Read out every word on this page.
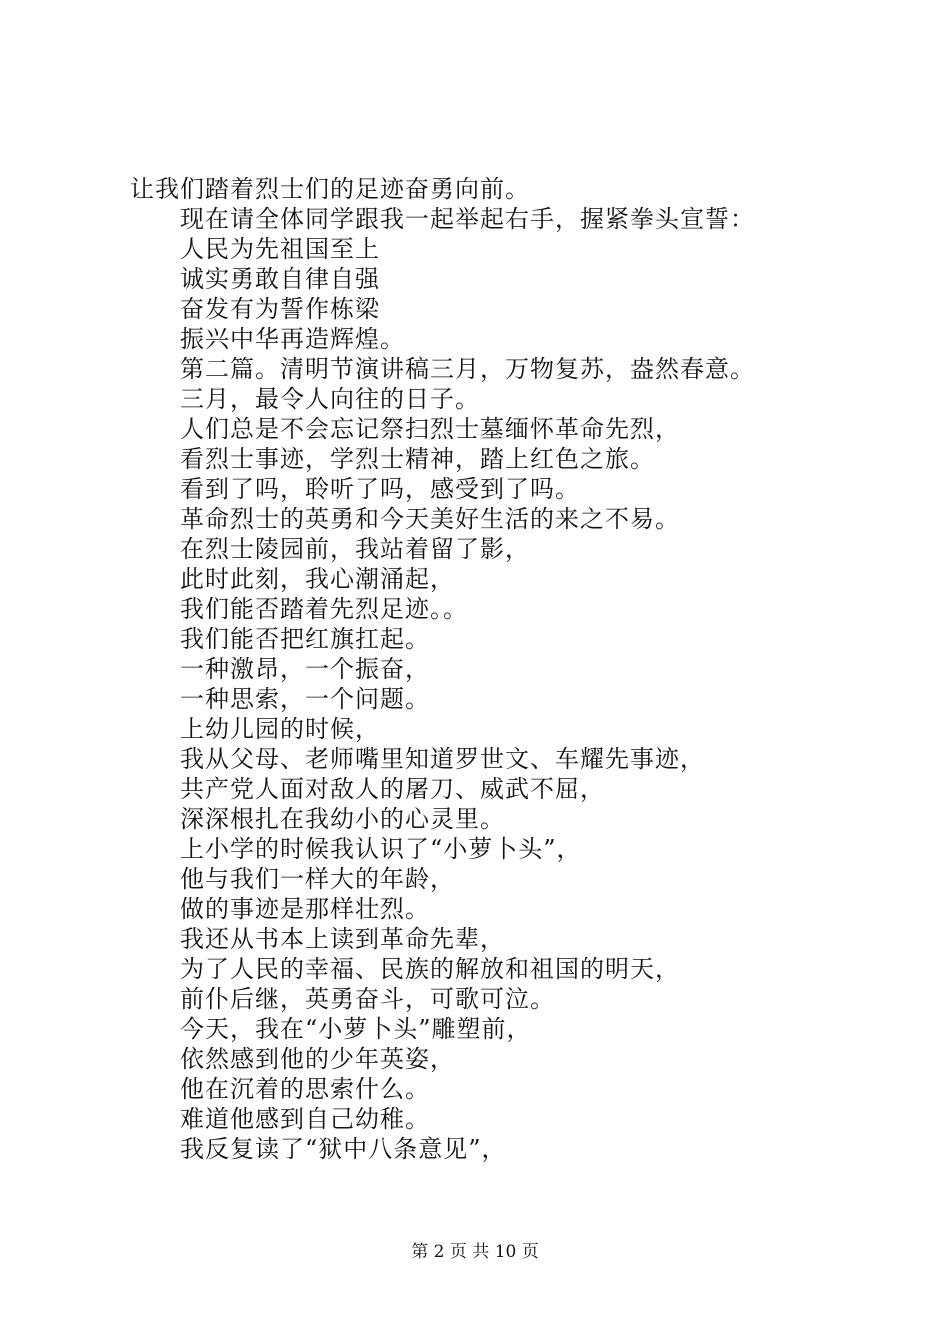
让我们踏着烈士们的足迹奋勇向前。
现在请全体同学跟我一起举起右手，握紧拳头宣誓：
人民为先祖国至上
诚实勇敢自律自强
奋发有为誓作栋梁
振兴中华再造辉煌。
第二篇。清明节演讲稿三月，万物复苏，盎然春意。
三月，最令人向往的日子。
人们总是不会忘记祭扫烈士墓缅怀革命先烈，
看烈士事迹，学烈士精神，踏上红色之旅。
看到了吗，聆听了吗，感受到了吗。
革命烈士的英勇和今天美好生活的来之不易。
在烈士陵园前，我站着留了影，
此时此刻，我心潮涌起，
我们能否踏着先烈足迹。。
我们能否把红旗扛起。
一种激昂，一个振奋，
一种思索，一个问题。
上幼儿园的时候，
我从父母、老师嘴里知道罗世文、车耀先事迹，
共产党人面对敌人的屠刀、威武不屈，
深深根扎在我幼小的心灵里。
上小学的时候我认识了“小萝卜头”，
他与我们一样大的年龄，
做的事迹是那样壮烈。
我还从书本上读到革命先辈，
为了人民的幸福、民族的解放和祖国的明天，
前仆后继，英勇奋斗，可歌可泣。
今天，我在“小萝卜头”雕塑前，
依然感到他的少年英姿，
他在沉着的思索什么。
难道他感到自己幼稚。
我反复读了“狱中八条意见”，
第 2 页 共 10 页
